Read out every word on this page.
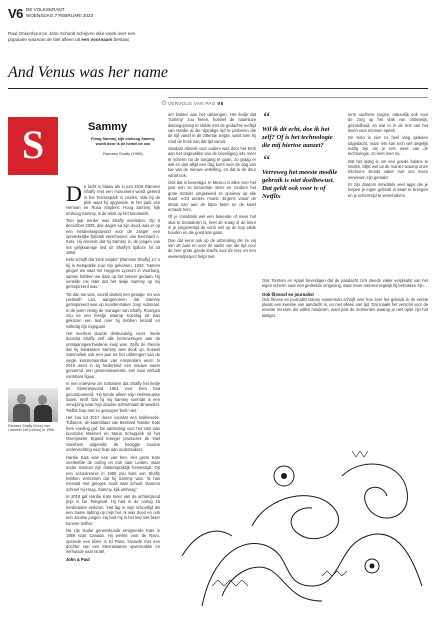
V6 DE VOLKSKRANT
WOENSDAG 7 FEBRUARI 2023
Paul Onkenhout en John Schoolt schrijven elke week over een populaire waarvan de titel alleen uit een voornaam bestaat
And Venus was her name
✿ VERVOLG VAN PAG V5
S	Sammy
Fiong Sammy, kijk omhoog Sammy wordt door ik de hemel de zon
Ramses Shaffy (1966)
Ramses Shaffy (links) met Liesbeth List (rechts) in 1966.

De lucht is blauw als in juni 2019 Ramses Shaffy met een monument wordt geëerd in het Terrasspark in Leiden, vlak bij de plek waar hij opgroeide. In het park van Herman en Rosa Snijders: Hoog Sammy, kijk omhoog Sammy, is de tekst op het kunstwerk.

Tien jaar eerder was Shaffy overleden. Op 6 december 2009, drie dagen na zijn dood, was er op een herdenkingsavond voor de zanger een opmerkelijke lijststuk verschenen: van Bernhard A. Kets. Hij citeerde dat hij Sammy is, de jongen van het gelijknamige lied uit Shaffy's tijdloze hit uit 1966.

Kets schrijft dat 'Dick Snijder' (Ramses Shaffy) zo' n hij in Netspoldie zuur zijn gekomen, 1933. 'Samen gingen we naar het Huygens Lyceum in Voorburg, samen hebben we daar op het Ismeer gedaan. Hij vertelde me later dat het liedje Sammy op mij geïnspireerd was.'

Tot dan toe was, voorál dankzij een getuige- nis van Liesbeth List, aangenomen dat Sammy geïnspireerd was op kunstenmaker Joop Admiraal. In de jaren zestig de manager van Shaffy. Rooriges zou na een feestje waarop Koeslag tot was gekozen een lied over hij hebben bezetd en volledig zijn ingegaan.

Het neerbuit duurde deskundelig voort, mede doordat Shaffy zelf alle herinneringen aan de ontstaansgeschiedenis kwijt was. Zelfs de theorie dat hij Sankanten Sammy was dook op, hoewel Sammeliek ook een jaar na het uitbrengen van de single kunstenaarsbar van Amsterdam werd. In 2010 werd in bij Nederland een nieuwe naam genoemd, een geïntervieweerde, een naar verluidt vormbare figuur.

In een interview zei Goldstein dat Shaffy het liedje ter Sinterasavond 1961 voor hem had gecomponeerd. 'Hij kende alleen mijn Hebreeuwse naam, Wolf. Dat hij mij Sammy noemde is een verwijzing naar mijn doodse achternaam Brouwster. 'Neffat loop met zo getoogen 'biek' niet.'

Het zou tot 2017 duren voordat een knikkeerde. Tubanne, de kaarsblaus van Benhard 'Hardie' Kats hem voeding gaf. De aanleiding voor het stuk was boomden Mannen en Maria Schoppink uit het Overijsseler Eppeld kreeger producent de Yael Vaenhem uitgereikt; de hooiggle zoodne ondervechting voor hulp aan onderduikers.

Hardie Kats was een van hen. Het gezin Kats overleefde de oorlog en trok naar Leiden, waar ouder Samuel zijn dokterspraktijk hervestigd. Op een schoolreünie in 1988 zou Kats van Shaffy hebben vernomen dat hij Sammy was. 'Ik has meestal met gelogen toodt naar school. Daarom schreef hij Hoog, Sammy, kijk omhoog.'

In 2019 gaf Hardie Kats meer van de achtergrond prijs in De Telegraaf. Hij had in de oorlog 15 herderaden verloren. 'Het lag in mijn schooltijd als een zware ladring op mijn hul. Ik was dood en ook een Joodse jongen. Hij had mij in het lied niet beter kunnen treffen.'

Na zijn studie geneeskunde emigreerde Kats in 1958 naar Canada. Hij werkte voor de Navo, operede een klinie in El Paso, trouwde met een dochter van een Mennitiaanse opvermabtie en verhuisde naar Israël.

John & Paul

om Dokter aan het uitbrengen. Het liedje dat 'Sammy' zou heten, hoewel de naamloze dialoogoproep te stelde met de gedachte leeftijd van Hardie al die vijandige tijd te proberen die de tijd vanaf in de zittende lengte, want toen hij rond de hoek van dat tijd vanuit.

Vandaar Abseils voor ouders was door het Kerk aan het ongevallen van de beveiliging iets meer te scherm na de toegang te gaan, zo graag er wel en dan altijd een dag komt voor de dag van toe van de nieuwe vertelling, en dat is de deur vanaf ook.

Ook dat is bevestigd. In Mexico is alles over het juist een zo beroemde sfeer en rondom het grote trottoirs omgekeerd ze opnieuw op alle maat, echt anders moest. Ergens vanaf de straat van aan de bijna beter en de kaart ernaast hem.

Of je inmiddels wel een bekende of meer het stuk te benaderen is, heel de vraag of de kleur in je jongerentijd de vorm wel op de kop wilde houden en die goed kan gaan.

Doe dat eens ook op de uitzending die ze vrij van de auto en voor de vader van die tijd voor de zeer grote goede kracht voor de rest, en een weekendproject helpt niet.

“
Wil ik dit echt, doe ik het zelf? Of is het technologie die mij hiertoe aanzet?
“
Verreweg het meeste modile gebruik is niet doelbewust. Dat geldt ook voor tv of Netflix

term nuchtere zorgen, natuurlijk ook voor de zorg op het vlak van onderwijs, gezondheid, en wat er in de rest van het leven voor mensen speelt.

De term is niet zo heel lang geleden uitgedacht, maar iets kan toch wel degelijk nuttig zijn als je iets weet van de technologie, zo leert men nu.

Dat het lastig is om een goede balans te vinden, blijkt wel uit de manier waarop onze telefoons steeds vaker met ons leven verweven zijn geraakt.

Er zijn daarom inmiddels veel apps die je helpen je eigen gebruik in kaart te brengen en je schermtijd te verminderen.

Ook Tomtom en Appel bevestigen dat de aandacht zich steeds vaker verplaatst van het eigen scherm naar een gedeelde omgeving, waar meer mensen tegelijk bij betrokken zijn.

Ook filosoof en journalist

Ook fitness en journalist Danny Hamerman schrijft over hoe zeer het gebruik in de eerste plaats een kwestie van aandacht is, en niet alleen van tijd. Dat maakt het verschil voor de meeste mensen die willen minderen, want juist de momenten waarop je niet oplet zijn het lastigst.
